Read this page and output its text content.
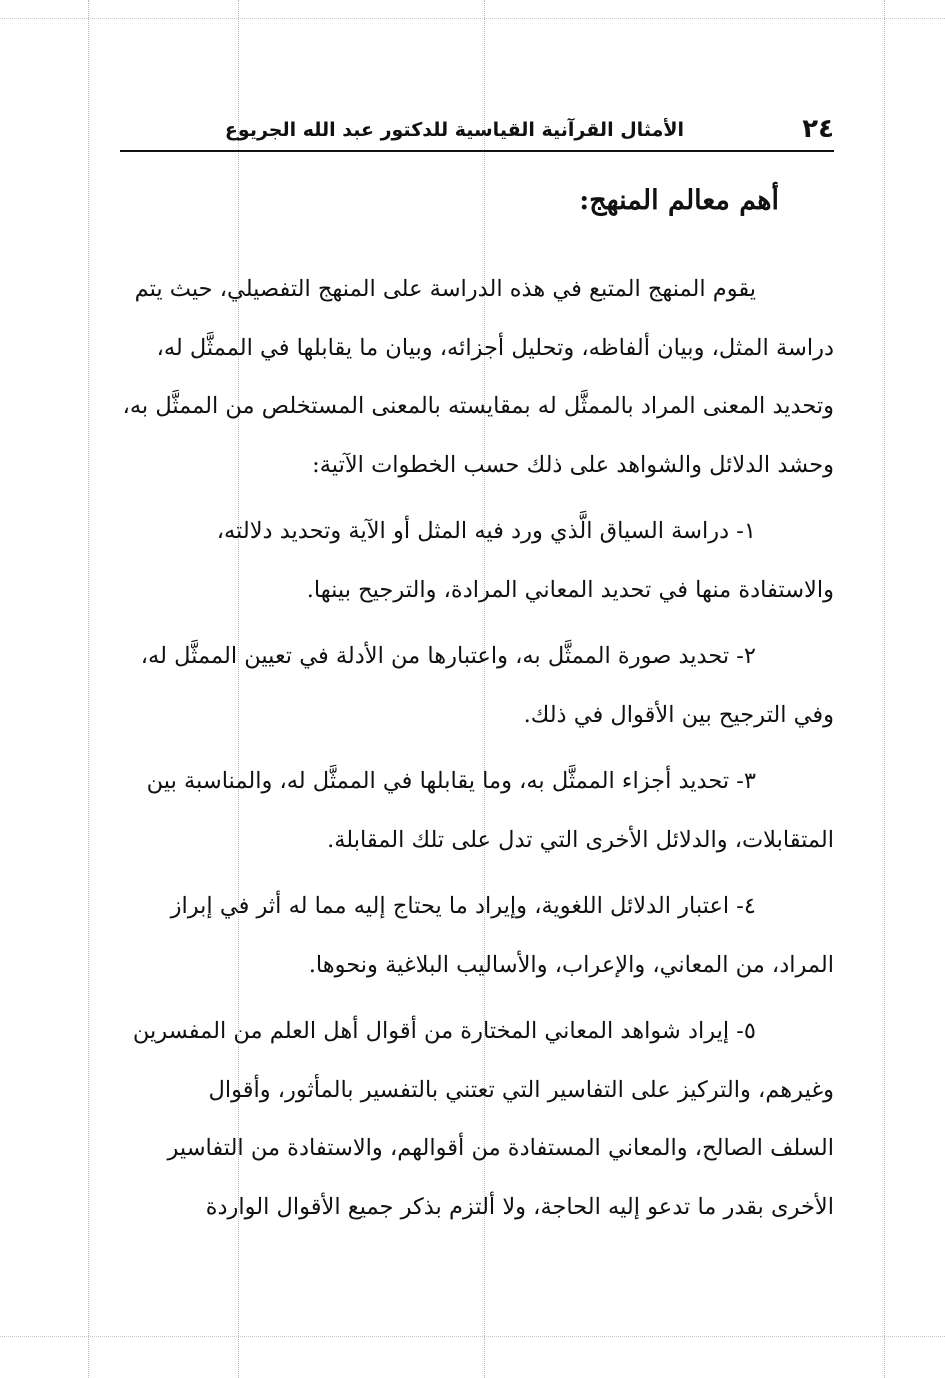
٢٤
الأمثال القرآنية القياسية للدكتور عبد الله الجريوع
أهم معالم المنهج:
يقوم المنهج المتبع في هذه الدراسة على المنهج التفصيلي، حيث يتم
دراسة المثل، وبيان ألفاظه، وتحليل أجزائه، وبيان ما يقابلها في الممثَّل له،
وتحديد المعنى المراد بالممثَّل له بمقايسته بالمعنى المستخلص من الممثَّل به،
وحشد الدلائل والشواهد على ذلك حسب الخطوات الآتية:
١- دراسة السياق الَّذي ورد فيه المثل أو الآية وتحديد دلالته،
والاستفادة منها في تحديد المعاني المرادة، والترجيح بينها.
٢- تحديد صورة الممثَّل به، واعتبارها من الأدلة في تعيين الممثَّل له،
وفي الترجيح بين الأقوال في ذلك.
٣- تحديد أجزاء الممثَّل به، وما يقابلها في الممثَّل له، والمناسبة بين
المتقابلات، والدلائل الأخرى التي تدل على تلك المقابلة.
٤- اعتبار الدلائل اللغوية، وإيراد ما يحتاج إليه مما له أثر في إبراز
المراد، من المعاني، والإعراب، والأساليب البلاغية ونحوها.
٥- إيراد شواهد المعاني المختارة من أقوال أهل العلم من المفسرين
وغيرهم، والتركيز على التفاسير التي تعتني بالتفسير بالمأثور، وأقوال
السلف الصالح، والمعاني المستفادة من أقوالهم، والاستفادة من التفاسير
الأخرى بقدر ما تدعو إليه الحاجة، ولا ألتزم بذكر جميع الأقوال الواردة
